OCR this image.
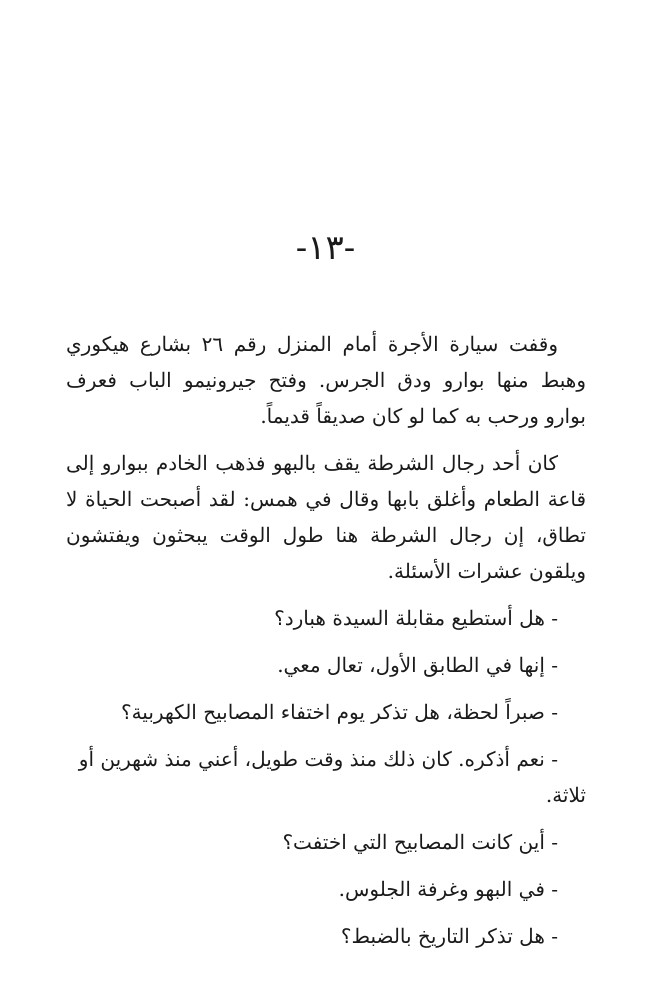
-١٣-

وقفت سيارة الأجرة أمام المنزل رقم ٢٦ بشارع هيكوري وهبط منها بوارو ودق الجرس. وفتح جيرونيمو الباب فعرف بوارو ورحب به كما لو كان صديقاً قديماً.

كان أحد رجال الشرطة يقف بالبهو فذهب الخادم ببوارو إلى قاعة الطعام وأغلق بابها وقال في همس: لقد أصبحت الحياة لا تطاق، إن رجال الشرطة هنا طول الوقت يبحثون ويفتشون ويلقون عشرات الأسئلة.

- هل أستطيع مقابلة السيدة هبارد؟

- إنها في الطابق الأول، تعال معي.

- صبراً لحظة، هل تذكر يوم اختفاء المصابيح الكهربية؟

- نعم أذكره. كان ذلك منذ وقت طويل، أعني منذ شهرين أو ثلاثة.

- أين كانت المصابيح التي اختفت؟

- في البهو وغرفة الجلوس.

- هل تذكر التاريخ بالضبط؟
